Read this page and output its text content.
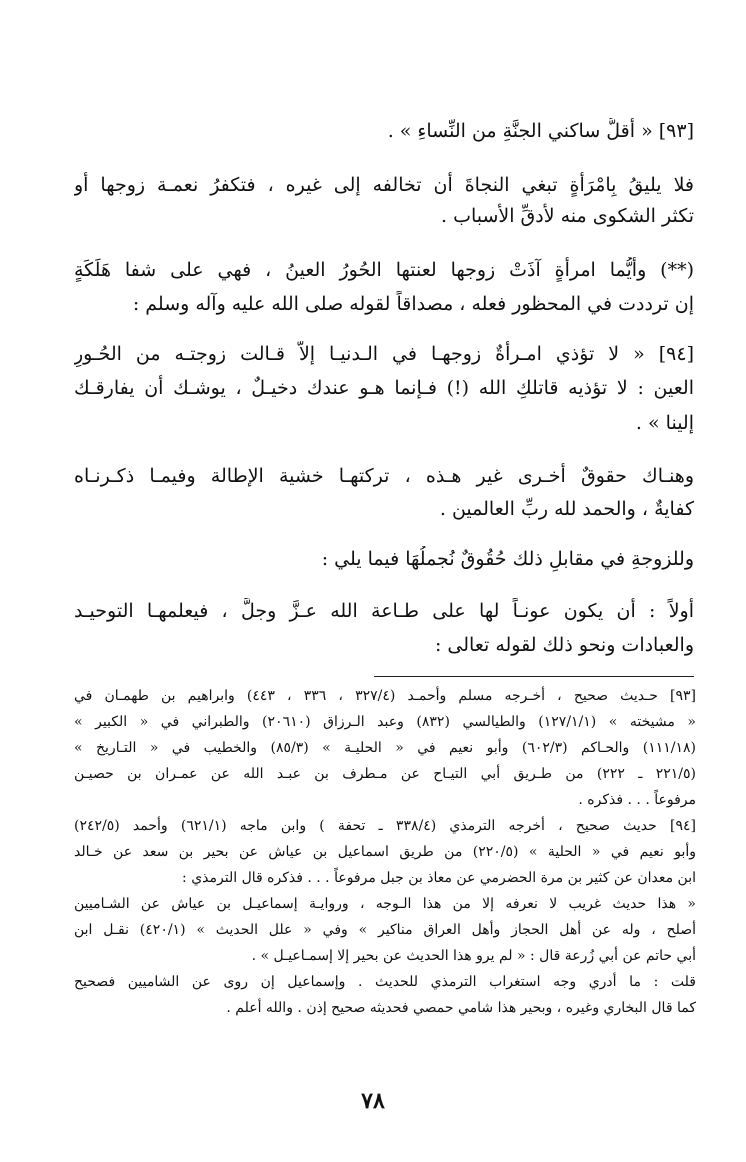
[٩٣] « أقلُّ ساكني الجنَّةِ من النِّساءِ » .
فلا يليقُ بِامْرَأَةٍ تبغي النجاةَ أن تخالفه إلى غيره ، فتكفرُ نعمـة زوجها أو
تكثر الشكوى منه لأدقِّ الأسباب .
(**) وأيُّما امرأةٍ آذَتْ زوجها لعنتها الحُورُ العينُ ، فهي على شفا هَلَكَةٍ
إن ترددت في المحظور فعله ، مصداقاً لقوله صلى الله عليه وآله وسلم :
[٩٤] « لا تؤذي امـرأةٌ زوجهـا في الـدنيـا إلاّ قـالت زوجتـه من الحُـورِ
العين : لا تؤذيه قاتلكِ الله (!) فـإنما هـو عندك دخيـلٌ ، يوشـك أن يفارقـك
إلينا » .
وهنـاك حقوقٌ أُخـرى غير هـذه ، تركتهـا خشية الإطالة وفيمـا ذكـرنـاه
كفايةٌ ، والحمد لله ربِّ العالمين .
وللزوجةِ في مقابلِ ذلك حُقُوقٌ نُجملُهَا فيما يلي :
أولاً : أن يكون عونـاً لها على طـاعة الله عـزَّ وجلَّ ، فيعلمهـا التوحيـد
والعبادات ونحو ذلك لقوله تعالى :
[٩٣] حـديث صحيح ، أخـرجه مسلم وأحمـد (٣٢٧/٤ ، ٣٣٦ ، ٤٤٣) وابراهيم بن طهمـان في
« مشيخته » (١٢٧/١/١) والطيالسي (٨٣٢) وعبد الـرزاق (٢٠٦١٠) والطبراني في « الكبير »
(١١١/١٨) والحـاكم (٦٠٢/٣) وأبو نعيم في « الحليـة » (٨٥/٣) والخطيب في « التـاريخ »
(٢٢١/٥ ـ ٢٢٢) من طـريق أبي التيـاح عن مـطرف بن عبـد الله عن عمـران بن حصيـن
مرفوعاً . . . فذكره .
[٩٤] حديث صحيح ، أخرجه الترمذي (٣٣٨/٤ ـ تحفة ) وابن ماجه (٦٢١/١) وأحمد (٢٤٢/٥)
وأبو نعيم في « الحلية » (٢٢٠/٥) من طريق اسماعيل بن عياش عن بحير بن سعد عن خـالد
ابن معدان عن كثير بن مرة الحضرمي عن معاذ بن جبل مرفوعاً . . . فذكره قال الترمذي :
« هذا حديث غريب لا نعرفه إلا من هذا الـوجه ، وروايـة إسماعيـل بن عياش عن الشـاميين
أصلح ، وله عن أهل الحجاز وأهل العراق مناكير » وفي « علل الحديث » (٤٢٠/١) نقـل ابن
أبي حاتم عن أبي زُرعة قال : « لم يرو هذا الحديث عن بحير إلا إسمـاعيـل » .
قلت : ما أدري وجه استغراب الترمذي للحديث . وإسماعيل إن روى عن الشاميين فصحيح
كما قال البخاري وغيره ، وبحير هذا شامي حمصي فحديثه صحيح إذن . والله أعلم .
٧٨
